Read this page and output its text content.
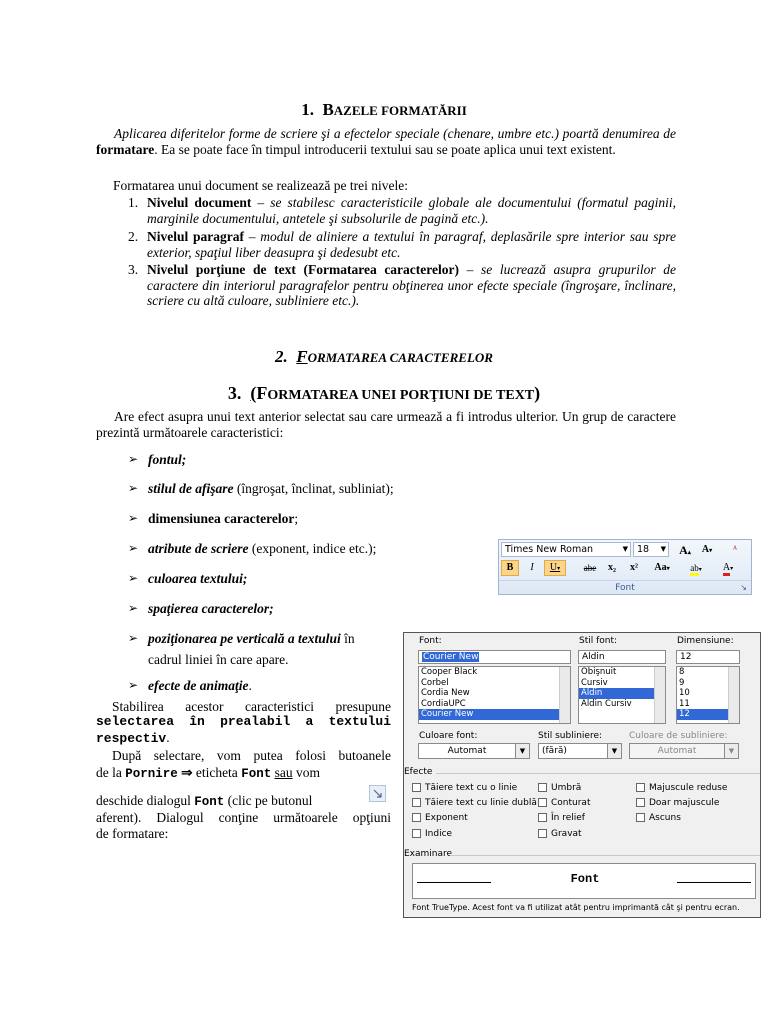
1. BAZELE FORMATĂRII
Aplicarea diferitelor forme de scriere şi a efectelor speciale (chenare, umbre etc.) poartă denumirea de formatare. Ea se poate face în timpul introducerii textului sau se poate aplica unui text existent.
Formatarea unui document se realizează pe trei nivele:
1. Nivelul document – se stabilesc caracteristicile globale ale documentului (formatul paginii, marginile documentului, antetele şi subsolurile de pagină etc.).
2. Nivelul paragraf – modul de aliniere a textului în paragraf, deplasările spre interior sau spre exterior, spaţiul liber deasupra şi dedesubt etc.
3. Nivelul porţiune de text (Formatarea caracterelor) – se lucrează asupra grupurilor de caractere din interiorul paragrafelor pentru obţinerea unor efecte speciale (îngroşare, înclinare, scriere cu altă culoare, subliniere etc.).
2. FORMATAREA CARACTERELOR
3. (FORMATAREA UNEI PORŢIUNI DE TEXT)
Are efect asupra unui text anterior selectat sau care urmează a fi introdus ulterior. Un grup de caractere prezintă următoarele caracteristici:
➢ fontul;
➢ stilul de afişare (îngroşat, înclinat, subliniat);
➢ dimensiunea caracterelor;
➢ atribute de scriere (exponent, indice etc.);
➢ culoarea textului;
➢ spaţierea caracterelor;
➢ poziţionarea pe verticală a textului în
cadrul liniei în care apare.
➢ efecte de animaţie.
Stabilirea acestor caracteristici presupune
selectarea în prealabil a textului
respectiv.
După selectare, vom putea folosi butoanele
de la Pornire ⇒ eticheta Font sau vom
deschide dialogul Font (clic pe butonul
aferent). Dialogul conţine următoarele opţiuni
de formatare:
Times New Roman	▼ 18 ▼	A▴	A▾	ᴬ
B	I	U▾	abe	x₂	x²	Aa▾	ab▾	A▾
Font	↘
Font:	Stil font:	Dimensiune:
Courier New	Aldin	12
Cooper Black
Corbel
Cordia New
CordiaUPC
Courier New
Obişnuit
Cursiv
Aldin
Aldin Cursiv
8
9
10
11
12
Culoare font:	Stil subliniere:	Culoare de subliniere:
Automat	▼	(fără)	▼	Automat	▼
Efecte
Tăiere text cu o linie
Tăiere text cu linie dublă
Exponent
Indice
Umbră
Conturat
În relief
Gravat
Majuscule reduse
Doar majuscule
Ascuns
Examinare
Font
Font TrueType. Acest font va fi utilizat atât pentru imprimantă cât şi pentru ecran.
